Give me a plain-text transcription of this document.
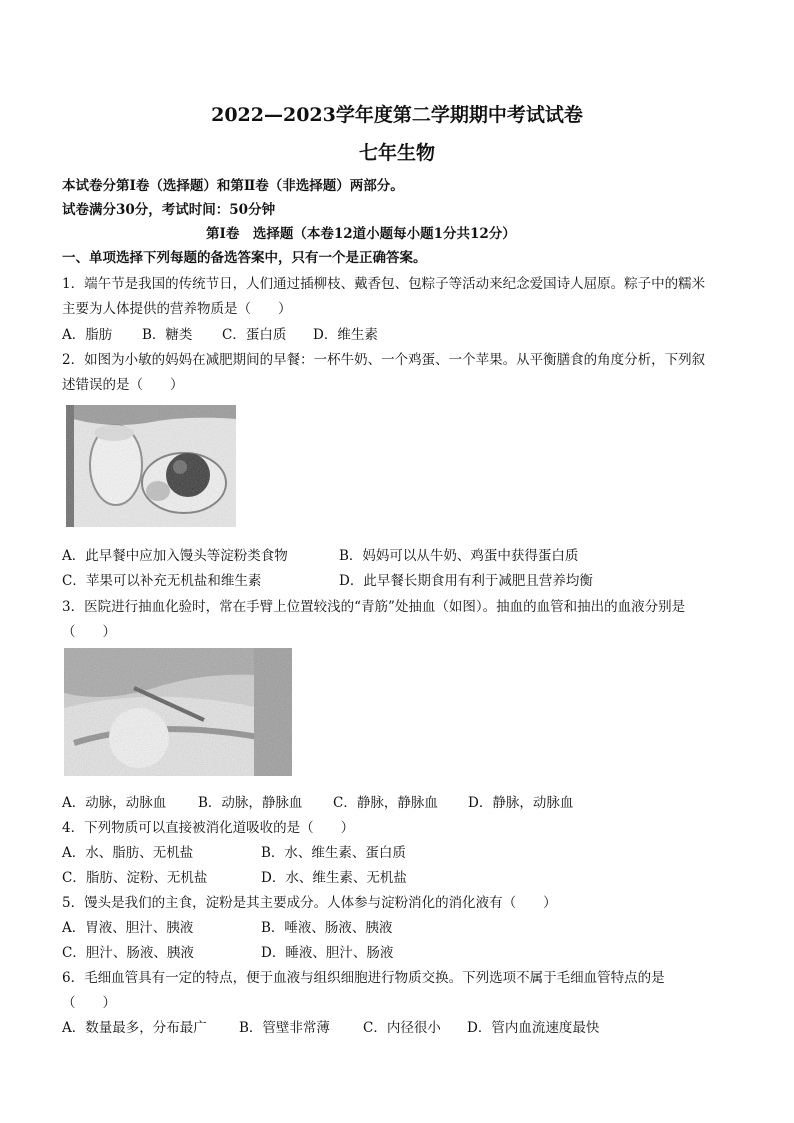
2022—2023学年度第二学期期中考试试卷
七年生物
本试卷分第Ⅰ卷（选择题）和第Ⅱ卷（非选择题）两部分。
试卷满分30分，考试时间：50分钟
第Ⅰ卷　选择题（本卷12道小题每小题1分共12分）
一、单项选择下列每题的备选答案中，只有一个是正确答案。
1．端午节是我国的传统节日，人们通过插柳枝、戴香包、包粽子等活动来纪念爱国诗人屈原。粽子中的糯米
主要为人体提供的营养物质是（　　）
A．脂肪 B．糖类 C．蛋白质 D．维生素
2．如图为小敏的妈妈在减肥期间的早餐：一杯牛奶、一个鸡蛋、一个苹果。从平衡膳食的角度分析，下列叙
述错误的是（　　）
A．此早餐中应加入馒头等淀粉类食物	B．妈妈可以从牛奶、鸡蛋中获得蛋白质
C．苹果可以补充无机盐和维生素	D．此早餐长期食用有利于减肥且营养均衡
3．医院进行抽血化验时，常在手臂上位置较浅的“青筋”处抽血（如图）。抽血的血管和抽出的血液分别是
（　　）
A．动脉，动脉血 B．动脉，静脉血 C．静脉，静脉血 D．静脉，动脉血
4．下列物质可以直接被消化道吸收的是（　　）
A．水、脂肪、无机盐	B．水、维生素、蛋白质
C．脂肪、淀粉、无机盐	D．水、维生素、无机盐
5．馒头是我们的主食，淀粉是其主要成分。人体参与淀粉消化的消化液有（　　）
A．胃液、胆汁、胰液	B．唾液、肠液、胰液
C．胆汁、肠液、胰液	D．睡液、胆汁、肠液
6．毛细血管具有一定的特点，便于血液与组织细胞进行物质交换。下列选项不属于毛细血管特点的是
（　　）
A．数量最多，分布最广 B．管壁非常薄 C．内径很小 D．管内血流速度最快
